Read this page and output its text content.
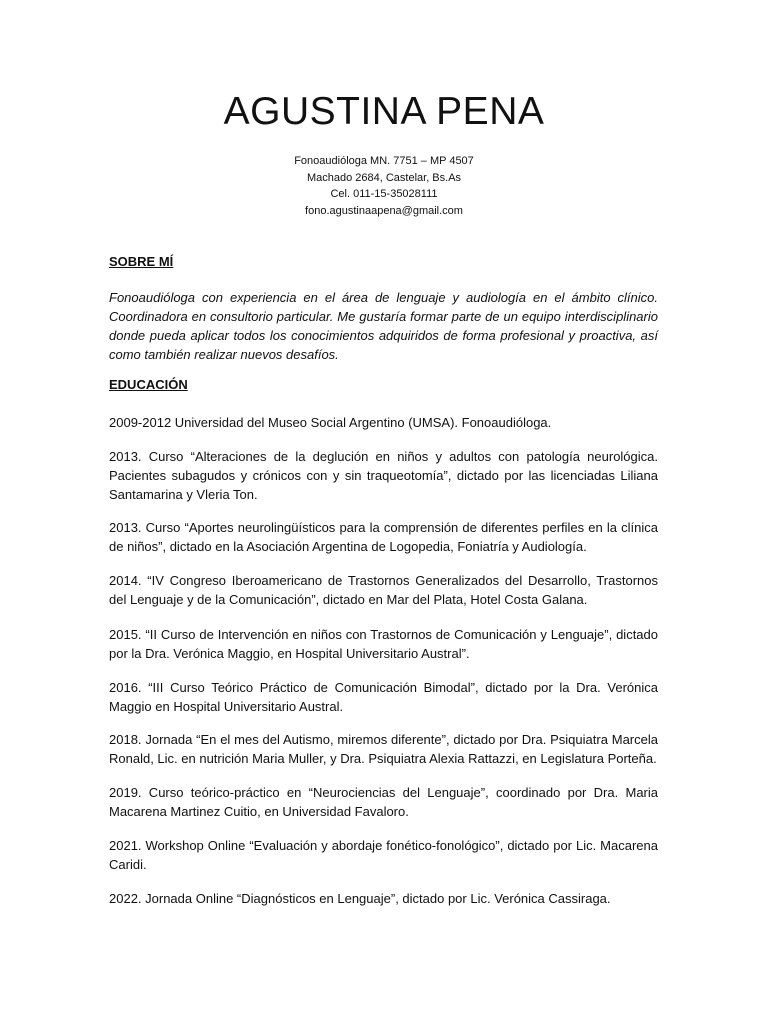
AGUSTINA PENA
Fonoaudióloga MN. 7751 – MP 4507
Machado 2684, Castelar, Bs.As
Cel. 011-15-35028111
fono.agustinaapena@gmail.com
SOBRE MÍ

Fonoaudióloga con experiencia en el área de lenguaje y audiología en el ámbito clínico. Coordinadora en consultorio particular. Me gustaría formar parte de un equipo interdisciplinario donde pueda aplicar todos los conocimientos adquiridos de forma profesional y proactiva, así como también realizar nuevos desafíos.

EDUCACIÓN

2009-2012 Universidad del Museo Social Argentino (UMSA). Fonoaudióloga.

2013. Curso “Alteraciones de la deglución en niños y adultos con patología neurológica. Pacientes subagudos y crónicos con y sin traqueotomía”, dictado por las licenciadas Liliana Santamarina y Vleria Ton.

2013. Curso “Aportes neurolingüísticos para la comprensión de diferentes perfiles en la clínica de niños”, dictado en la Asociación Argentina de Logopedia, Foniatría y Audiología.

2014. “IV Congreso Iberoamericano de Trastornos Generalizados del Desarrollo, Trastornos del Lenguaje y de la Comunicación”, dictado en Mar del Plata, Hotel Costa Galana.

2015. “II Curso de Intervención en niños con Trastornos de Comunicación y Lenguaje”, dictado por la Dra. Verónica Maggio, en Hospital Universitario Austral”.

2016. “III Curso Teórico Práctico de Comunicación Bimodal”, dictado por la Dra. Verónica Maggio en Hospital Universitario Austral.

2018. Jornada “En el mes del Autismo, miremos diferente”, dictado por Dra. Psiquiatra Marcela Ronald, Lic. en nutrición Maria Muller, y Dra. Psiquiatra Alexia Rattazzi, en Legislatura Porteña.

2019. Curso teórico-práctico en “Neurociencias del Lenguaje”, coordinado por Dra. Maria Macarena Martinez Cuitio, en Universidad Favaloro.

2021. Workshop Online “Evaluación y abordaje fonético-fonológico”, dictado por Lic. Macarena Caridi.

2022. Jornada Online “Diagnósticos en Lenguaje”, dictado por Lic. Verónica Cassiraga.
